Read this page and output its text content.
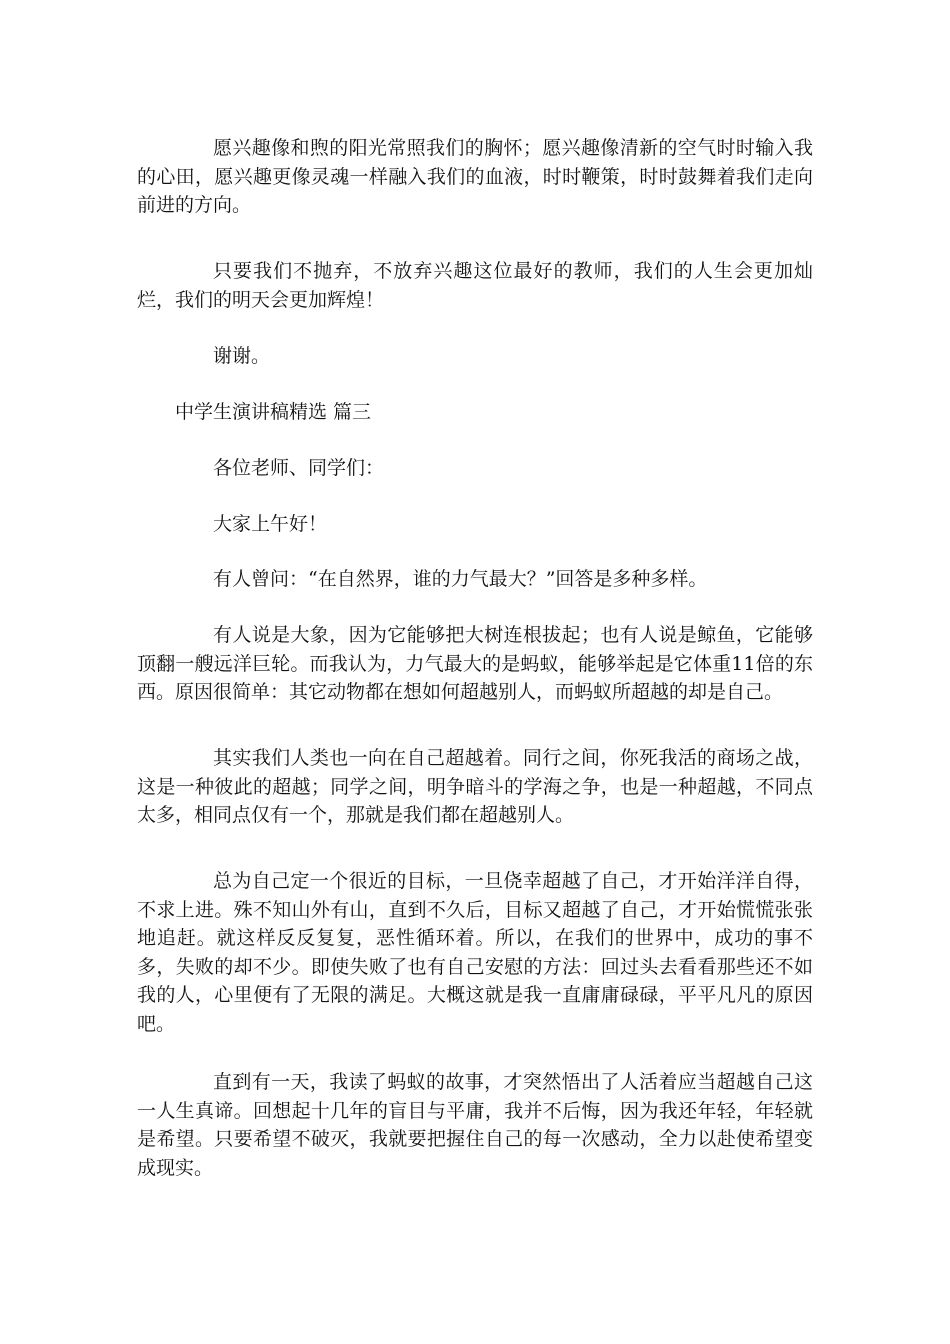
愿兴趣像和煦的阳光常照我们的胸怀；愿兴趣像清新的空气时时输入我的心田，愿兴趣更像灵魂一样融入我们的血液，时时鞭策，时时鼓舞着我们走向前进的方向。

只要我们不抛弃，不放弃兴趣这位最好的教师，我们的人生会更加灿烂，我们的明天会更加辉煌！

谢谢。

中学生演讲稿精选 篇三

各位老师、同学们：

大家上午好！

有人曾问：“在自然界，谁的力气最大？”回答是多种多样。

有人说是大象，因为它能够把大树连根拔起；也有人说是鲸鱼，它能够顶翻一艘远洋巨轮。而我认为，力气最大的是蚂蚁，能够举起是它体重11倍的东西。原因很简单：其它动物都在想如何超越别人，而蚂蚁所超越的却是自己。

其实我们人类也一向在自己超越着。同行之间，你死我活的商场之战，这是一种彼此的超越；同学之间，明争暗斗的学海之争，也是一种超越，不同点太多，相同点仅有一个，那就是我们都在超越别人。

总为自己定一个很近的目标，一旦侥幸超越了自己，才开始洋洋自得，不求上进。殊不知山外有山，直到不久后，目标又超越了自己，才开始慌慌张张地追赶。就这样反反复复，恶性循环着。所以，在我们的世界中，成功的事不多，失败的却不少。即使失败了也有自己安慰的方法：回过头去看看那些还不如我的人，心里便有了无限的满足。大概这就是我一直庸庸碌碌，平平凡凡的原因吧。

直到有一天，我读了蚂蚁的故事，才突然悟出了人活着应当超越自己这一人生真谛。回想起十几年的盲目与平庸，我并不后悔，因为我还年轻，年轻就是希望。只要希望不破灭，我就要把握住自己的每一次感动，全力以赴使希望变成现实。
